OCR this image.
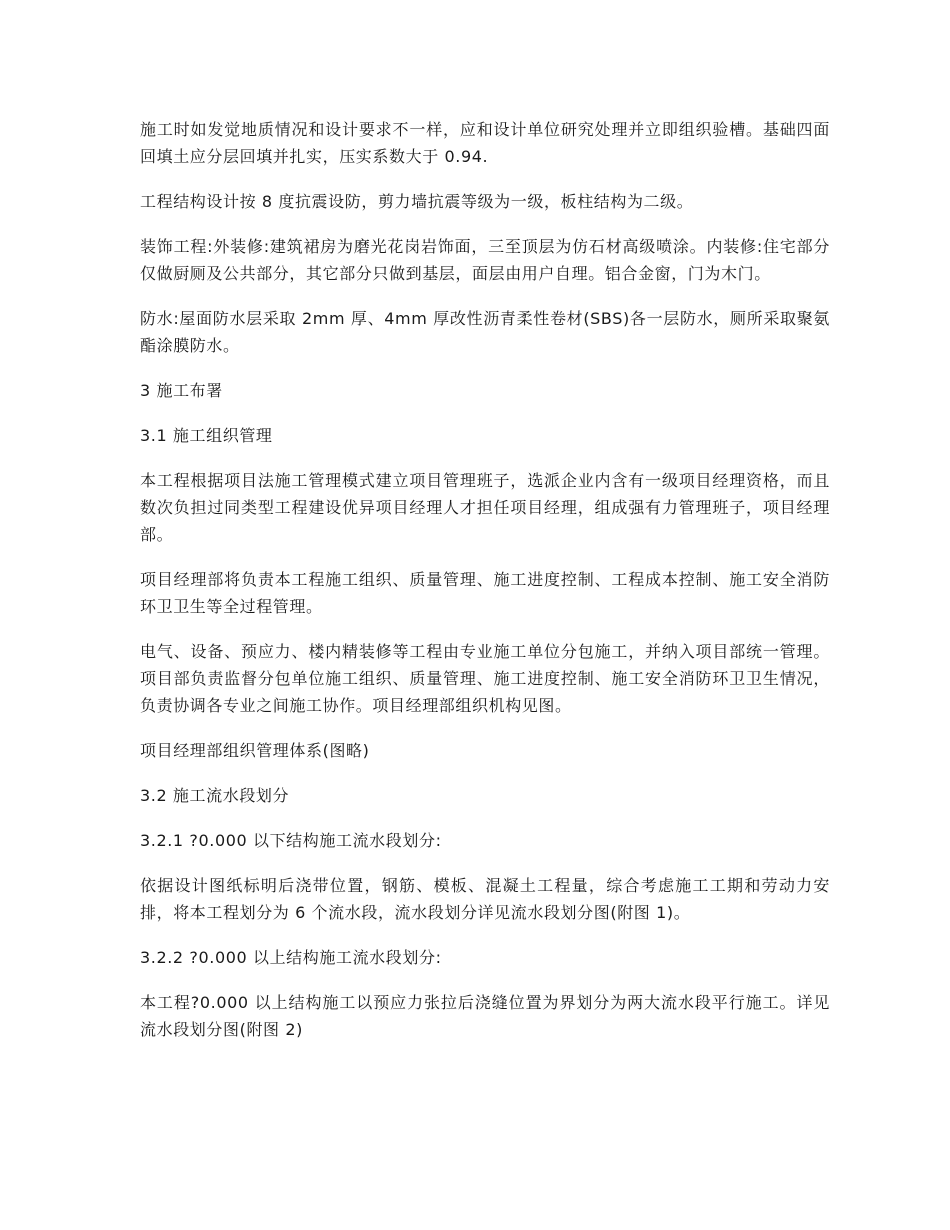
施工时如发觉地质情况和设计要求不一样，应和设计单位研究处理并立即组织验槽。基础四面回填土应分层回填并扎实，压实系数大于 0.94.

工程结构设计按 8 度抗震设防，剪力墙抗震等级为一级，板柱结构为二级。

装饰工程:外装修:建筑裙房为磨光花岗岩饰面，三至顶层为仿石材高级喷涂。内装修:住宅部分仅做厨厕及公共部分，其它部分只做到基层，面层由用户自理。铝合金窗，门为木门。

防水:屋面防水层采取 2mm 厚、4mm 厚改性沥青柔性卷材(SBS)各一层防水，厕所采取聚氨酯涂膜防水。

3 施工布署

3.1 施工组织管理

本工程根据项目法施工管理模式建立项目管理班子，选派企业内含有一级项目经理资格，而且数次负担过同类型工程建设优异项目经理人才担任项目经理，组成强有力管理班子，项目经理部。

项目经理部将负责本工程施工组织、质量管理、施工进度控制、工程成本控制、施工安全消防环卫卫生等全过程管理。

电气、设备、预应力、楼内精装修等工程由专业施工单位分包施工，并纳入项目部统一管理。项目部负责监督分包单位施工组织、质量管理、施工进度控制、施工安全消防环卫卫生情况，负责协调各专业之间施工协作。项目经理部组织机构见图。

项目经理部组织管理体系(图略)

3.2 施工流水段划分

3.2.1 ?0.000 以下结构施工流水段划分:

依据设计图纸标明后浇带位置，钢筋、模板、混凝土工程量，综合考虑施工工期和劳动力安排，将本工程划分为 6 个流水段，流水段划分详见流水段划分图(附图 1)。

3.2.2 ?0.000 以上结构施工流水段划分:

本工程?0.000 以上结构施工以预应力张拉后浇缝位置为界划分为两大流水段平行施工。详见流水段划分图(附图 2)
